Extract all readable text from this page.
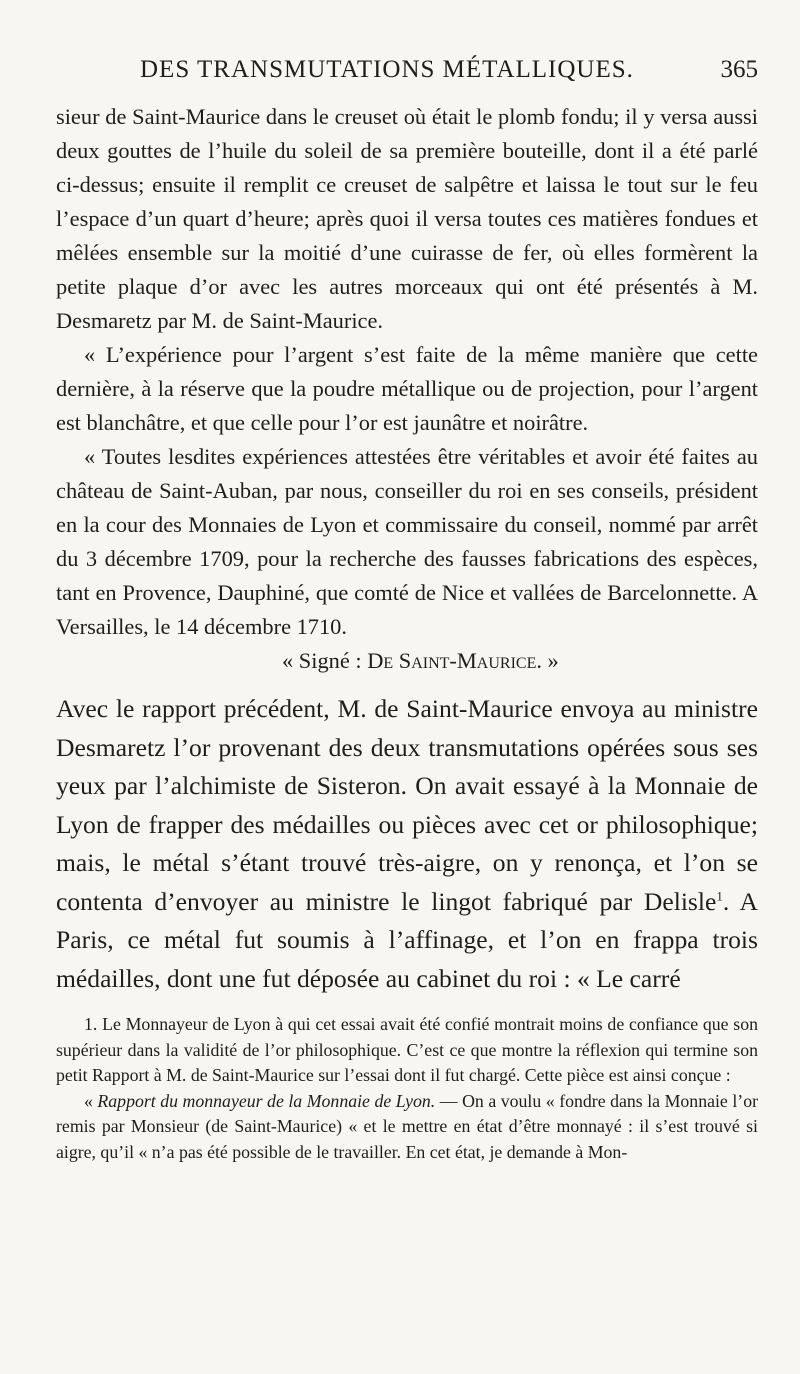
DES TRANSMUTATIONS MÉTALLIQUES.	365

sieur de Saint-Maurice dans le creuset où était le plomb fondu; il y versa aussi deux gouttes de l’huile du soleil de sa première bouteille, dont il a été parlé ci-dessus; ensuite il remplit ce creuset de salpêtre et laissa le tout sur le feu l’espace d’un quart d’heure; après quoi il versa toutes ces matières fondues et mêlées ensemble sur la moitié d’une cuirasse de fer, où elles formèrent la petite plaque d’or avec les autres morceaux qui ont été présentés à M. Desmaretz par M. de Saint-Maurice.

« L’expérience pour l’argent s’est faite de la même manière que cette dernière, à la réserve que la poudre métallique ou de projection, pour l’argent est blanchâtre, et que celle pour l’or est jaunâtre et noirâtre.

« Toutes lesdites expériences attestées être véritables et avoir été faites au château de Saint-Auban, par nous, conseiller du roi en ses conseils, président en la cour des Monnaies de Lyon et commissaire du conseil, nommé par arrêt du 3 décembre 1709, pour la recherche des fausses fabrications des espèces, tant en Provence, Dauphiné, que comté de Nice et vallées de Barcelonnette. A Versailles, le 14 décembre 1710.

« Signé : De Saint-Maurice. »

Avec le rapport précédent, M. de Saint-Maurice envoya au ministre Desmaretz l’or provenant des deux transmutations opérées sous ses yeux par l’alchimiste de Sisteron. On avait essayé à la Monnaie de Lyon de frapper des médailles ou pièces avec cet or philosophique; mais, le métal s’étant trouvé très-aigre, on y renonça, et l’on se contenta d’envoyer au ministre le lingot fabriqué par Delisle$^1$. A Paris, ce métal fut soumis à l’affinage, et l’on en frappa trois médailles, dont une fut déposée au cabinet du roi : « Le carré

1. Le Monnayeur de Lyon à qui cet essai avait été confié montrait moins de confiance que son supérieur dans la validité de l’or philosophique. C’est ce que montre la réflexion qui termine son petit Rapport à M. de Saint-Maurice sur l’essai dont il fut chargé. Cette pièce est ainsi conçue :

« Rapport du monnayeur de la Monnaie de Lyon. — On a voulu « fondre dans la Monnaie l’or remis par Monsieur (de Saint-Maurice) « et le mettre en état d’être monnayé : il s’est trouvé si aigre, qu’il « n’a pas été possible de le travailler. En cet état, je demande à Mon-
